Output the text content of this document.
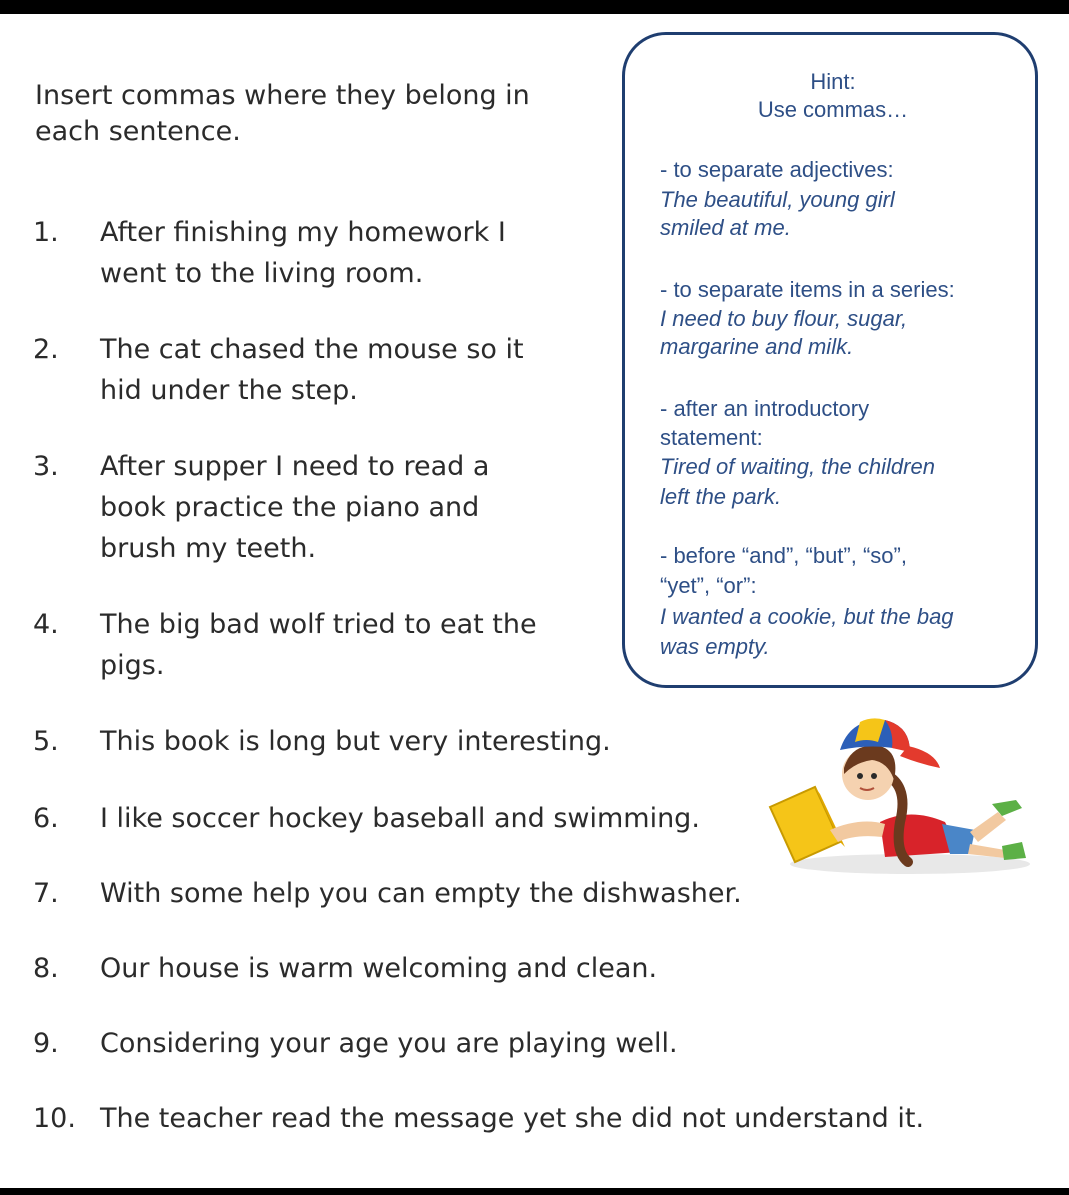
Insert commas where they belong in
each sentence.
1.	After finishing my homework I
went to the living room.
2.	The cat chased the mouse so it
hid under the step.
3.	After supper I need to read a
book practice the piano and
brush my teeth.
4.	The big bad wolf tried to eat the
pigs.
5.	This book is long but very interesting.
6.	I like soccer hockey baseball and swimming.
7.	With some help you can empty the dishwasher.
8.	Our house is warm welcoming and clean.
9.	Considering your age you are playing well.
10. The teacher read the message yet she did not understand it.
Hint:
Use commas…
- to separate adjectives:
The beautiful, young girl
smiled at me.
- to separate items in a series:
I need to buy flour, sugar,
margarine and milk.
- after an introductory
statement:
Tired of waiting, the children
left the park.
- before “and”, “but”, “so”,
“yet”, “or”:
I wanted a cookie, but the bag
was empty.
